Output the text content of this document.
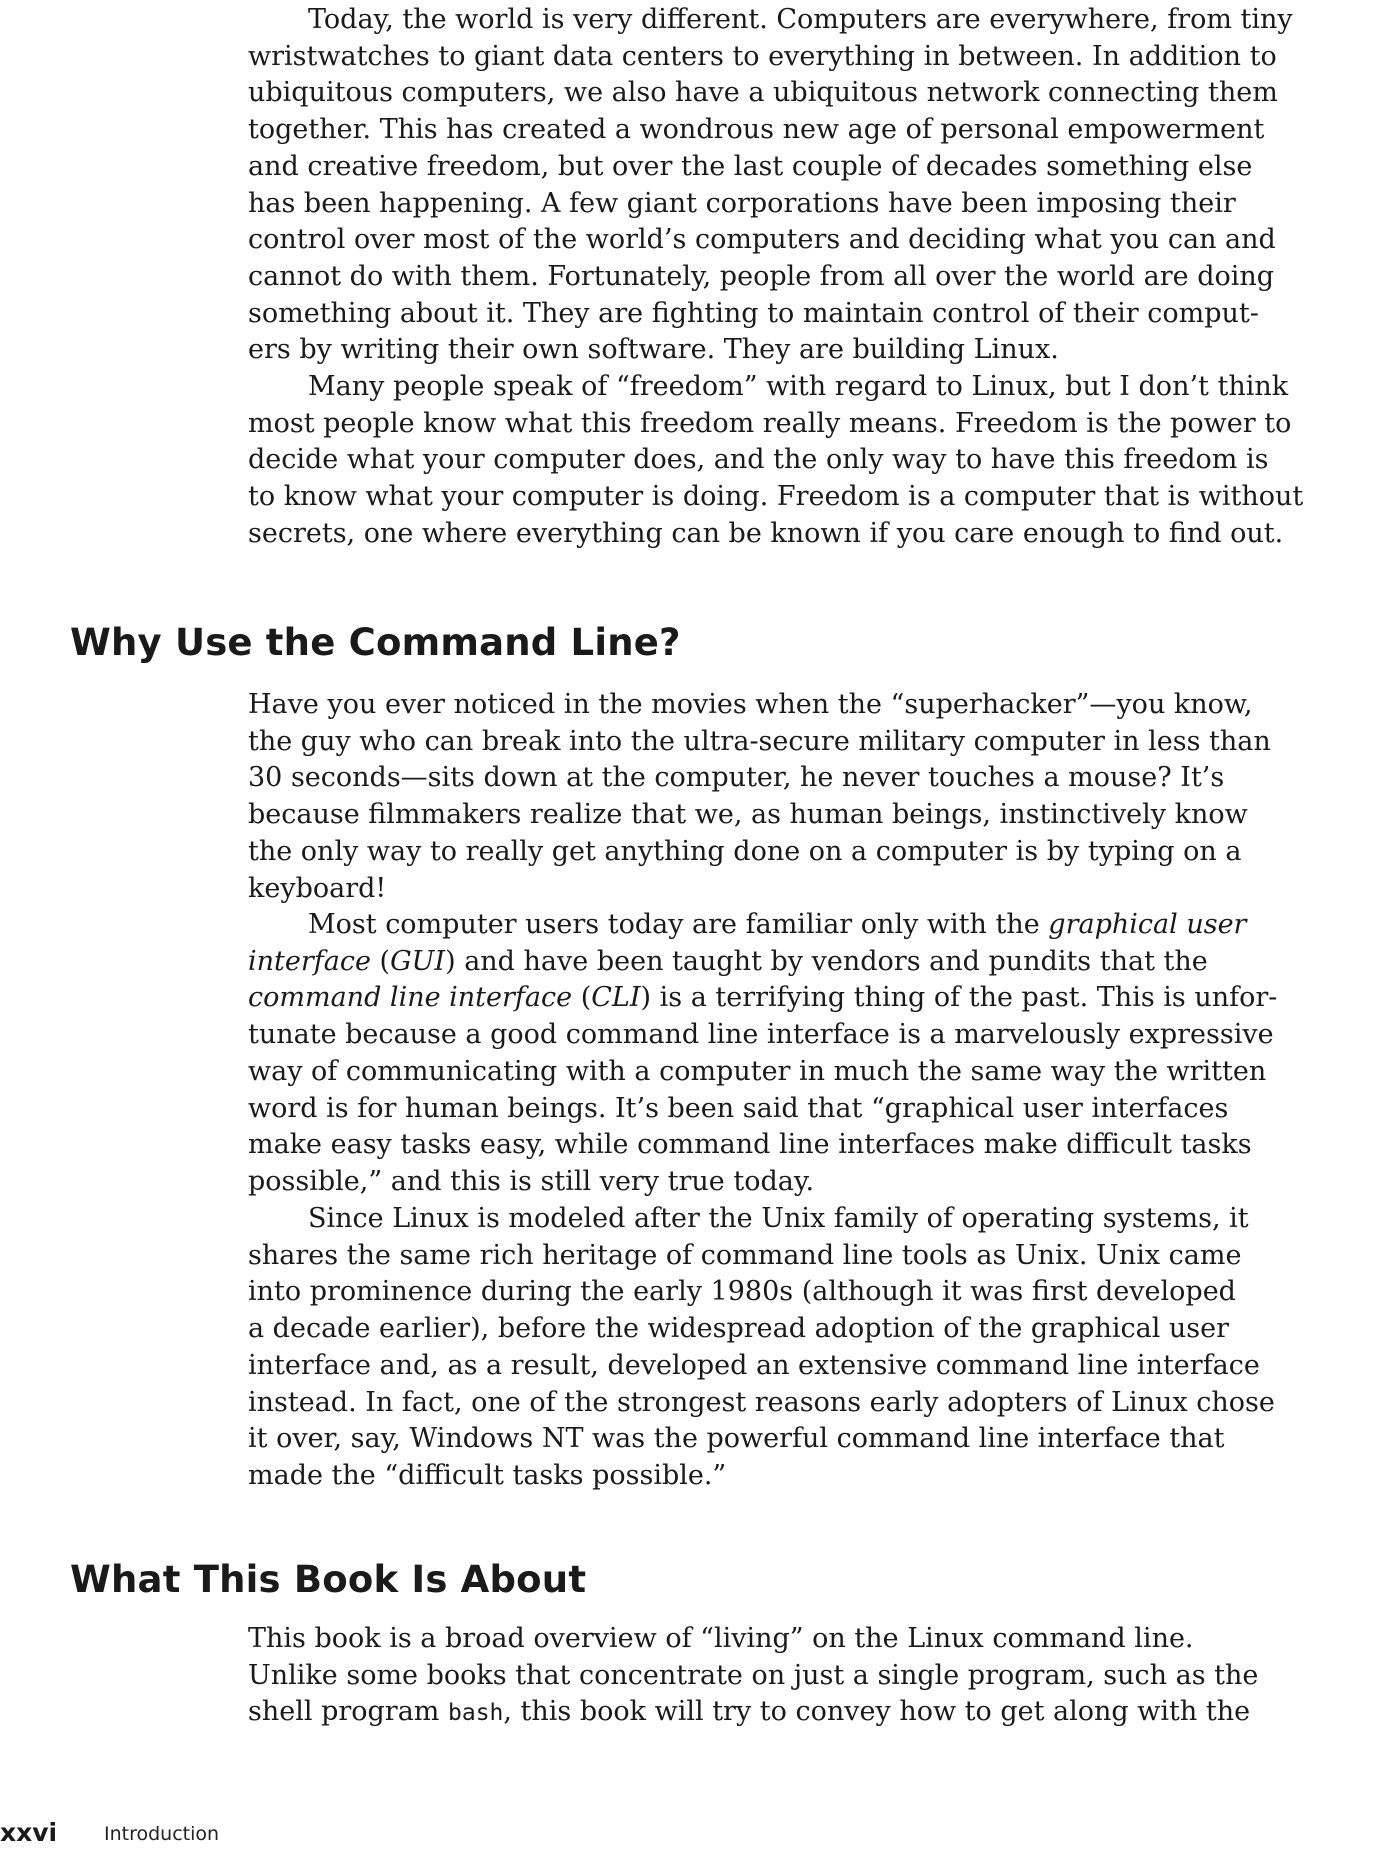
Today, the world is very different. Computers are everywhere, from tiny
wristwatches to giant data centers to everything in between. In addition to
ubiquitous computers, we also have a ubiquitous network connecting them
together. This has created a wondrous new age of personal empowerment
and creative freedom, but over the last couple of decades something else
has been happening. A few giant corporations have been imposing their
control over most of the world’s computers and deciding what you can and
cannot do with them. Fortunately, people from all over the world are doing
something about it. They are fighting to maintain control of their comput-
ers by writing their own software. They are building Linux.

Many people speak of “freedom” with regard to Linux, but I don’t think
most people know what this freedom really means. Freedom is the power to
decide what your computer does, and the only way to have this freedom is
to know what your computer is doing. Freedom is a computer that is without
secrets, one where everything can be known if you care enough to find out.

Why Use the Command Line?

Have you ever noticed in the movies when the “superhacker”—you know,
the guy who can break into the ultra-secure military computer in less than
30 seconds—sits down at the computer, he never touches a mouse? It’s
because filmmakers realize that we, as human beings, instinctively know
the only way to really get anything done on a computer is by typing on a
keyboard!

Most computer users today are familiar only with the graphical user
interface (GUI) and have been taught by vendors and pundits that the
command line interface (CLI) is a terrifying thing of the past. This is unfor-
tunate because a good command line interface is a marvelously expressive
way of communicating with a computer in much the same way the written
word is for human beings. It’s been said that “graphical user interfaces
make easy tasks easy, while command line interfaces make difficult tasks
possible,” and this is still very true today.

Since Linux is modeled after the Unix family of operating systems, it
shares the same rich heritage of command line tools as Unix. Unix came
into prominence during the early 1980s (although it was first developed
a decade earlier), before the widespread adoption of the graphical user
interface and, as a result, developed an extensive command line interface
instead. In fact, one of the strongest reasons early adopters of Linux chose
it over, say, Windows NT was the powerful command line interface that
made the “difficult tasks possible.”

What This Book Is About

This book is a broad overview of “living” on the Linux command line.
Unlike some books that concentrate on just a single program, such as the
shell program bash, this book will try to convey how to get along with the

xxvi Introduction
